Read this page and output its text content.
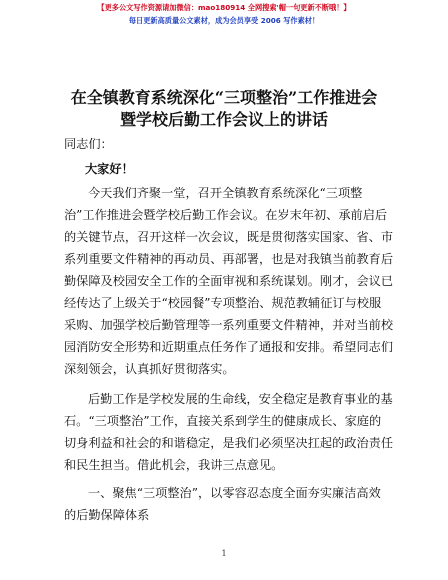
【更多公文写作资源请加微信：mao180914 全网搜索'帽一句更新不断哦！】
每日更新高质量公文素材，成为会员享受 2006 写作素材！
在全镇教育系统深化“三项整治”工作推进会
暨学校后勤工作会议上的讲话
同志们：
大家好！
今天我们齐聚一堂，召开全镇教育系统深化“三项整
治”工作推进会暨学校后勤工作会议。在岁末年初、承前启后
的关键节点，召开这样一次会议，既是贯彻落实国家、省、市
系列重要文件精神的再动员、再部署，也是对我镇当前教育后
勤保障及校园安全工作的全面审视和系统谋划。刚才，会议已
经传达了上级关于“校园餐”专项整治、规范教辅征订与校服
采购、加强学校后勤管理等一系列重要文件精神，并对当前校
园消防安全形势和近期重点任务作了通报和安排。希望同志们
深刻领会，认真抓好贯彻落实。
后勤工作是学校发展的生命线，安全稳定是教育事业的基
石。“三项整治”工作，直接关系到学生的健康成长、家庭的
切身利益和社会的和谐稳定，是我们必须坚决扛起的政治责任
和民生担当。借此机会，我讲三点意见。
一、聚焦“三项整治”，以零容忍态度全面夯实廉洁高效
的后勤保障体系
1
